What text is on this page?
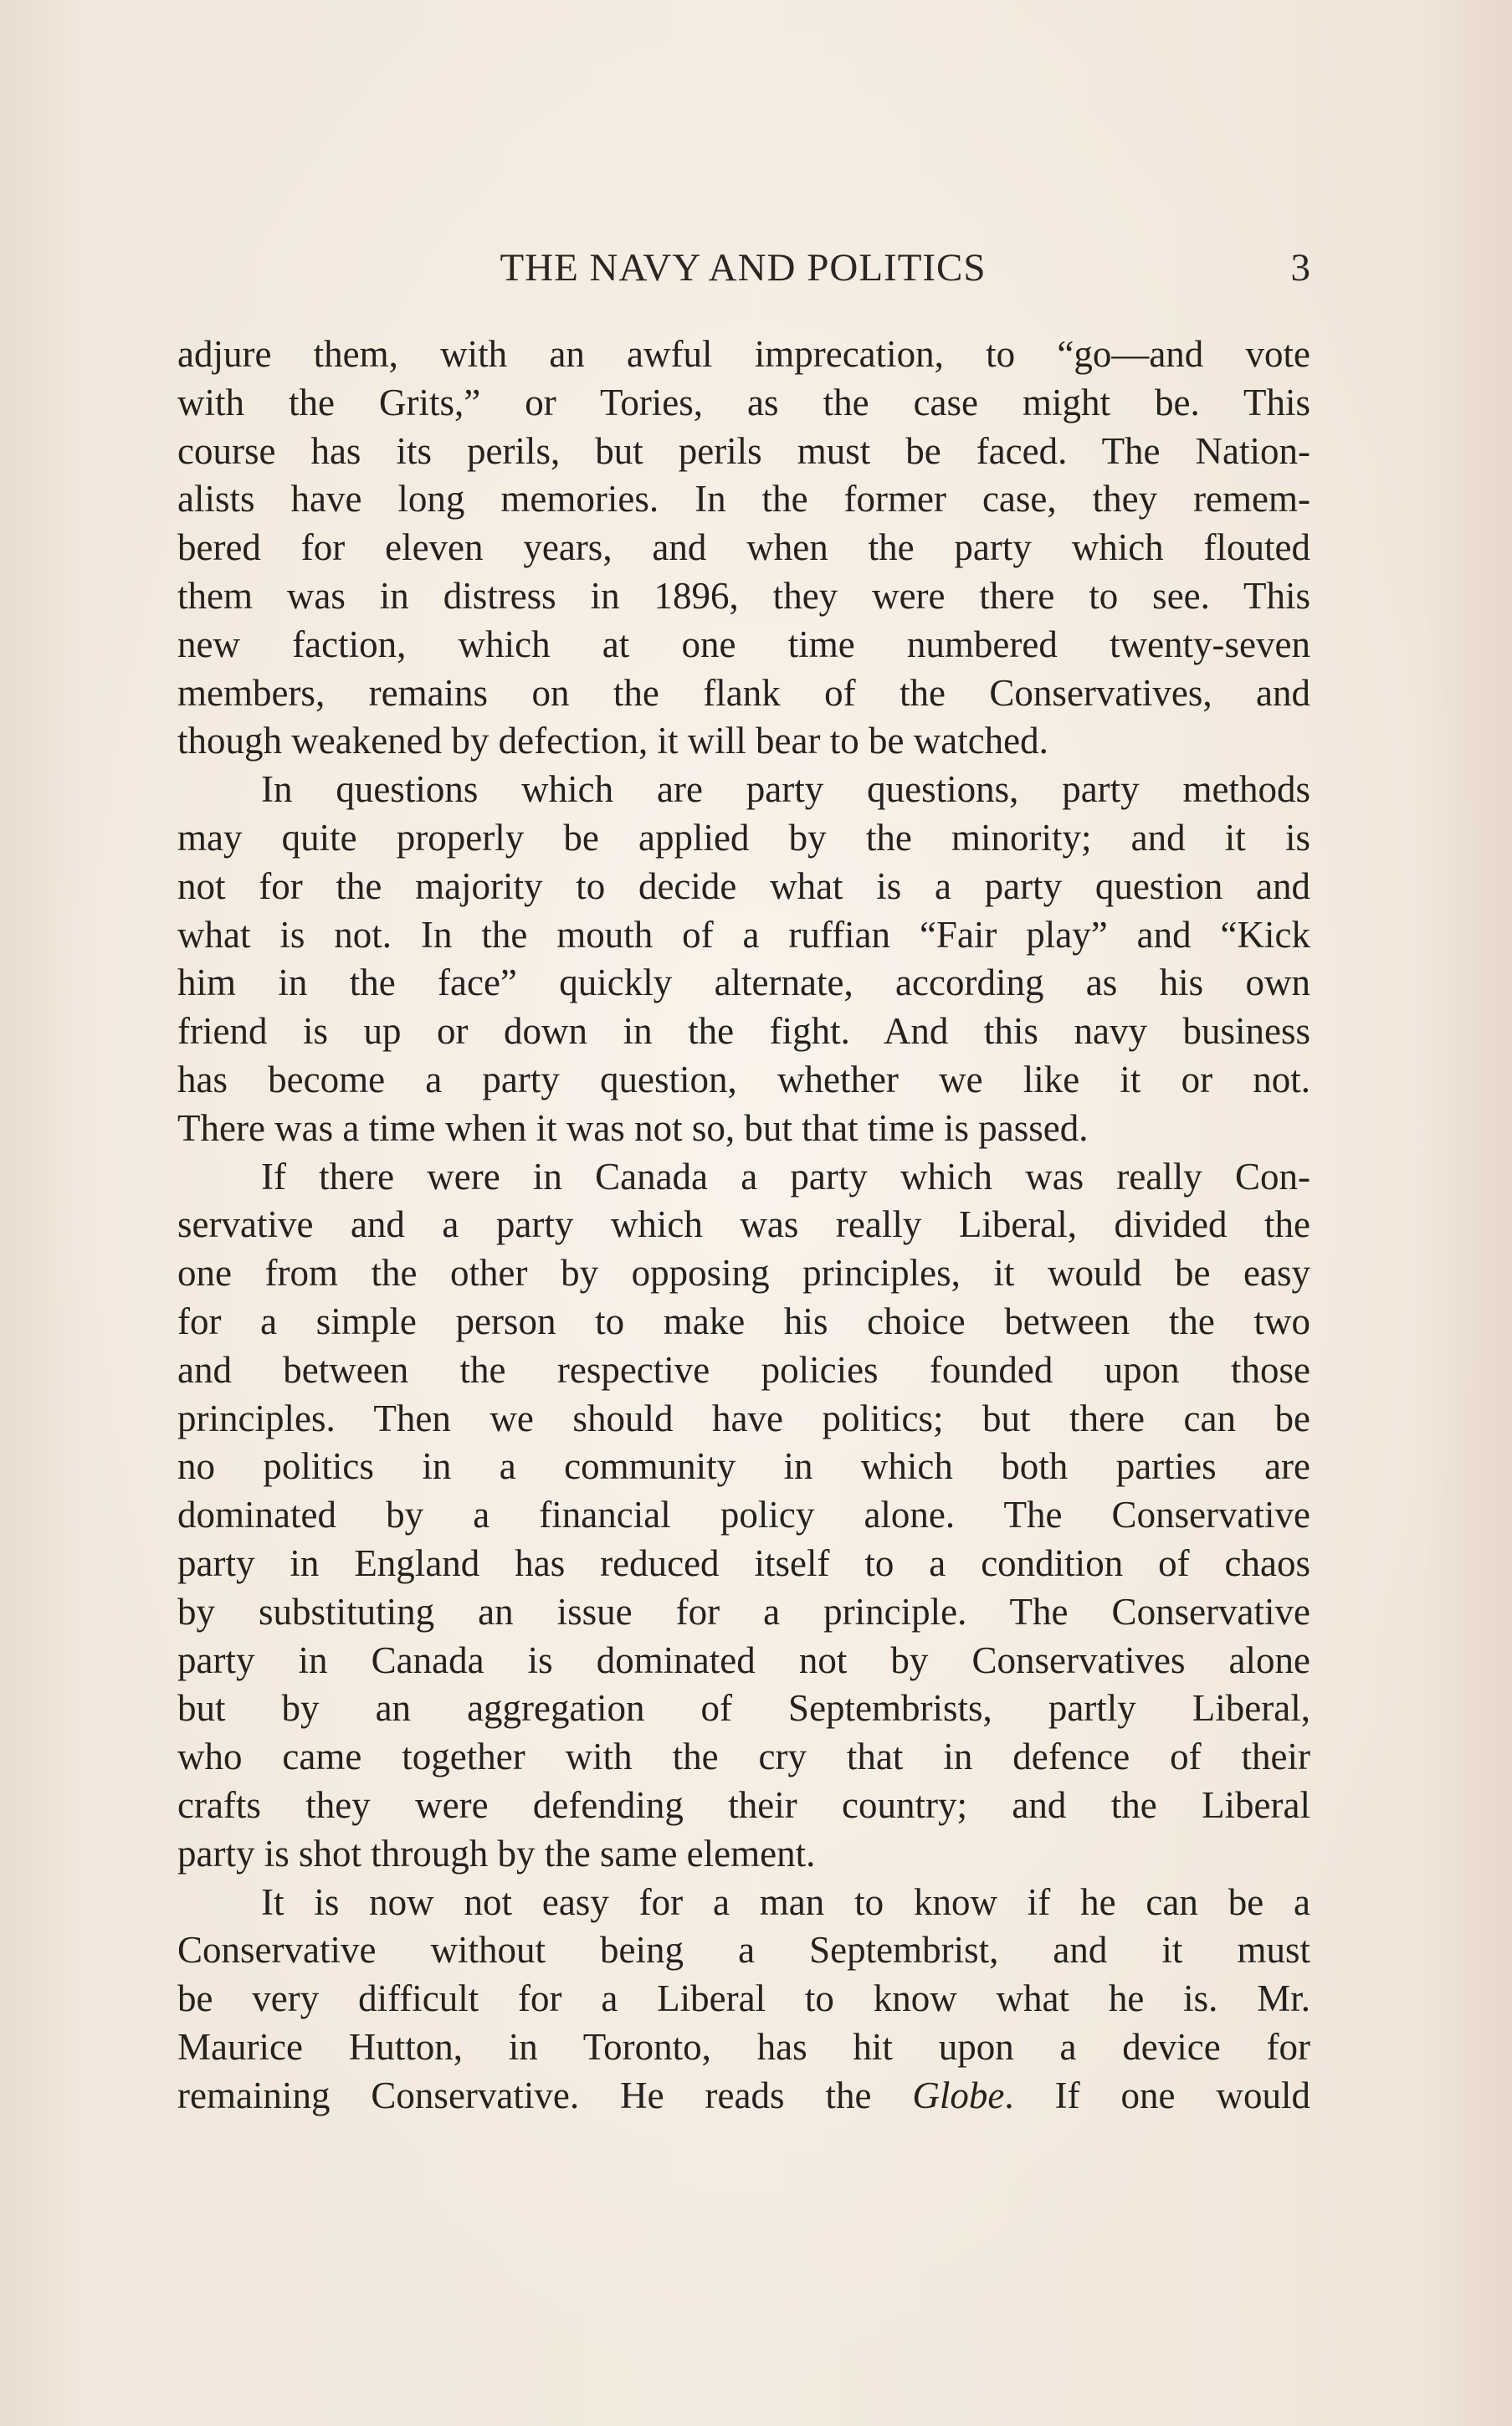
THE NAVY AND POLITICS	3
adjure them, with an awful imprecation, to “go—and vote
with the Grits,” or Tories, as the case might be. This
course has its perils, but perils must be faced. The Nation-
alists have long memories. In the former case, they remem-
bered for eleven years, and when the party which flouted
them was in distress in 1896, they were there to see. This
new faction, which at one time numbered twenty-seven
members, remains on the flank of the Conservatives, and
though weakened by defection, it will bear to be watched.
In questions which are party questions, party methods
may quite properly be applied by the minority; and it is
not for the majority to decide what is a party question and
what is not. In the mouth of a ruffian “Fair play” and “Kick
him in the face” quickly alternate, according as his own
friend is up or down in the fight. And this navy business
has become a party question, whether we like it or not.
There was a time when it was not so, but that time is passed.
If there were in Canada a party which was really Con-
servative and a party which was really Liberal, divided the
one from the other by opposing principles, it would be easy
for a simple person to make his choice between the two
and between the respective policies founded upon those
principles. Then we should have politics; but there can be
no politics in a community in which both parties are
dominated by a financial policy alone. The Conservative
party in England has reduced itself to a condition of chaos
by substituting an issue for a principle. The Conservative
party in Canada is dominated not by Conservatives alone
but by an aggregation of Septembrists, partly Liberal,
who came together with the cry that in defence of their
crafts they were defending their country; and the Liberal
party is shot through by the same element.
It is now not easy for a man to know if he can be a
Conservative without being a Septembrist, and it must
be very difficult for a Liberal to know what he is. Mr.
Maurice Hutton, in Toronto, has hit upon a device for
remaining Conservative. He reads the Globe. If one would
